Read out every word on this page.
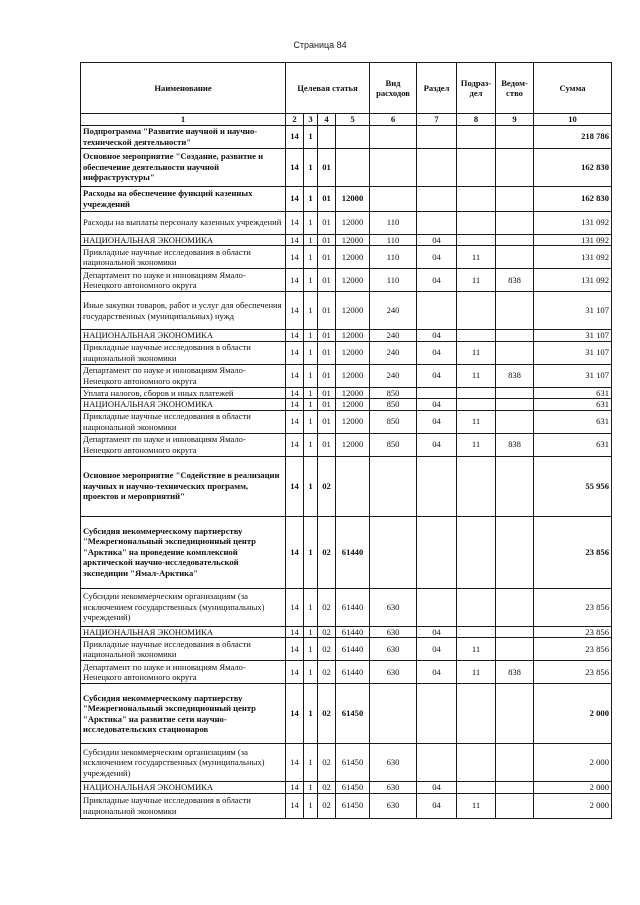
Страница 84
Наименование	Целевая статья				Вид расходов	Раздел	Подраз-дел	Ведом-ство	Сумма
1	2	3	4	5	6	7	8	9	10
Подпрограмма "Развитие научной и научно-технической деятельности"	14	1							218 786
Основное мероприятие "Создание, развитие и обеспечение деятельности научной инфраструктуры"	14	1	01						162 830
Расходы на обеспечение функций казенных учреждений	14	1	01	12000					162 830
Расходы на выплаты персоналу казенных учреждений	14	1	01	12000	110				131 092
НАЦИОНАЛЬНАЯ ЭКОНОМИКА	14	1	01	12000	110	04			131 092
Прикладные научные исследования в области национальной экономики	14	1	01	12000	110	04	11		131 092
Департамент по науке и инновациям Ямало-Ненецкого автономного округа	14	1	01	12000	110	04	11	838	131 092
Иные закупки товаров, работ и услуг для обеспечения государственных (муниципальных) нужд	14	1	01	12000	240				31 107
НАЦИОНАЛЬНАЯ ЭКОНОМИКА	14	1	01	12000	240	04			31 107
Прикладные научные исследования в области национальной экономики	14	1	01	12000	240	04	11		31 107
Департамент по науке и инновациям Ямало-Ненецкого автономного округа	14	1	01	12000	240	04	11	838	31 107
Уплата налогов, сборов и иных платежей	14	1	01	12000	850				631
НАЦИОНАЛЬНАЯ ЭКОНОМИКА	14	1	01	12000	850	04			631
Прикладные научные исследования в области национальной экономики	14	1	01	12000	850	04	11		631
Департамент по науке и инновациям Ямало-Ненецкого автономного округа	14	1	01	12000	850	04	11	838	631
Основное мероприятие "Содействие в реализации научных и научно-технических программ, проектов и мероприятий"	14	1	02						55 956
Субсидия некоммерческому партнерству "Межрегиональный экспедиционный центр "Арктика" на проведение комплексной арктической научно-исследовательской экспедиции "Ямал-Арктика"	14	1	02	61440					23 856
Субсидии некоммерческим организациям (за исключением государственных (муниципальных) учреждений)	14	1	02	61440	630				23 856
НАЦИОНАЛЬНАЯ ЭКОНОМИКА	14	1	02	61440	630	04			23 856
Прикладные научные исследования в области национальной экономики	14	1	02	61440	630	04	11		23 856
Департамент по науке и инновациям Ямало-Ненецкого автономного округа	14	1	02	61440	630	04	11	838	23 856
Субсидия некоммерческому партнерству "Межрегиональный экспедиционный центр "Арктика" на развитие сети научно-исследовательских стационаров	14	1	02	61450					2 000
Субсидии некоммерческим организациям (за исключением государственных (муниципальных) учреждений)	14	1	02	61450	630				2 000
НАЦИОНАЛЬНАЯ ЭКОНОМИКА	14	1	02	61450	630	04			2 000
Прикладные научные исследования в области национальной экономики	14	1	02	61450	630	04	11		2 000
